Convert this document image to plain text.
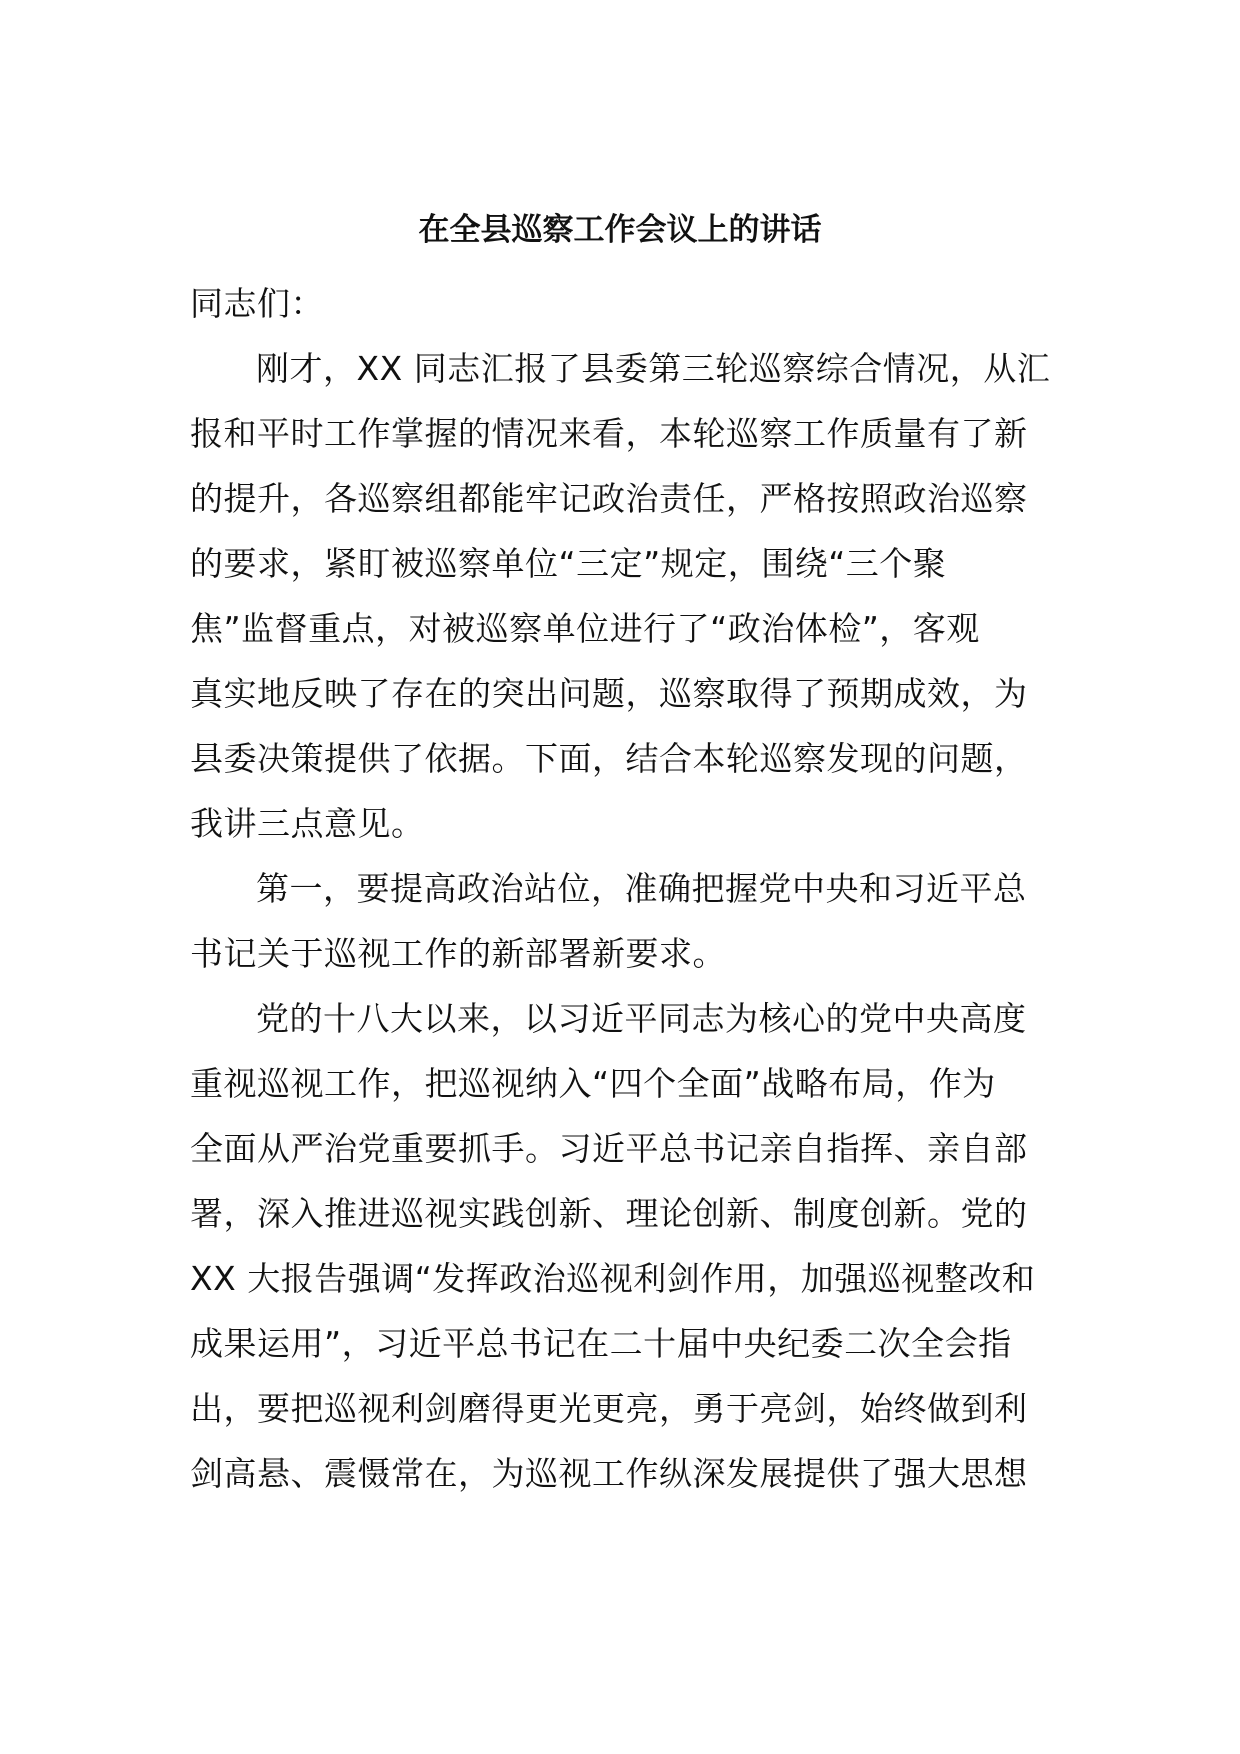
在全县巡察工作会议上的讲话
同志们：
刚才，XX 同志汇报了县委第三轮巡察综合情况，从汇
报和平时工作掌握的情况来看，本轮巡察工作质量有了新
的提升，各巡察组都能牢记政治责任，严格按照政治巡察
的要求，紧盯被巡察单位“三定”规定，围绕“三个聚
焦”监督重点，对被巡察单位进行了“政治体检”，客观
真实地反映了存在的突出问题，巡察取得了预期成效，为
县委决策提供了依据。下面，结合本轮巡察发现的问题，
我讲三点意见。
第一，要提高政治站位，准确把握党中央和习近平总
书记关于巡视工作的新部署新要求。
党的十八大以来，以习近平同志为核心的党中央高度
重视巡视工作，把巡视纳入“四个全面”战略布局，作为
全面从严治党重要抓手。习近平总书记亲自指挥、亲自部
署，深入推进巡视实践创新、理论创新、制度创新。党的
XX 大报告强调“发挥政治巡视利剑作用，加强巡视整改和
成果运用”，习近平总书记在二十届中央纪委二次全会指
出，要把巡视利剑磨得更光更亮，勇于亮剑，始终做到利
剑高悬、震慑常在，为巡视工作纵深发展提供了强大思想
